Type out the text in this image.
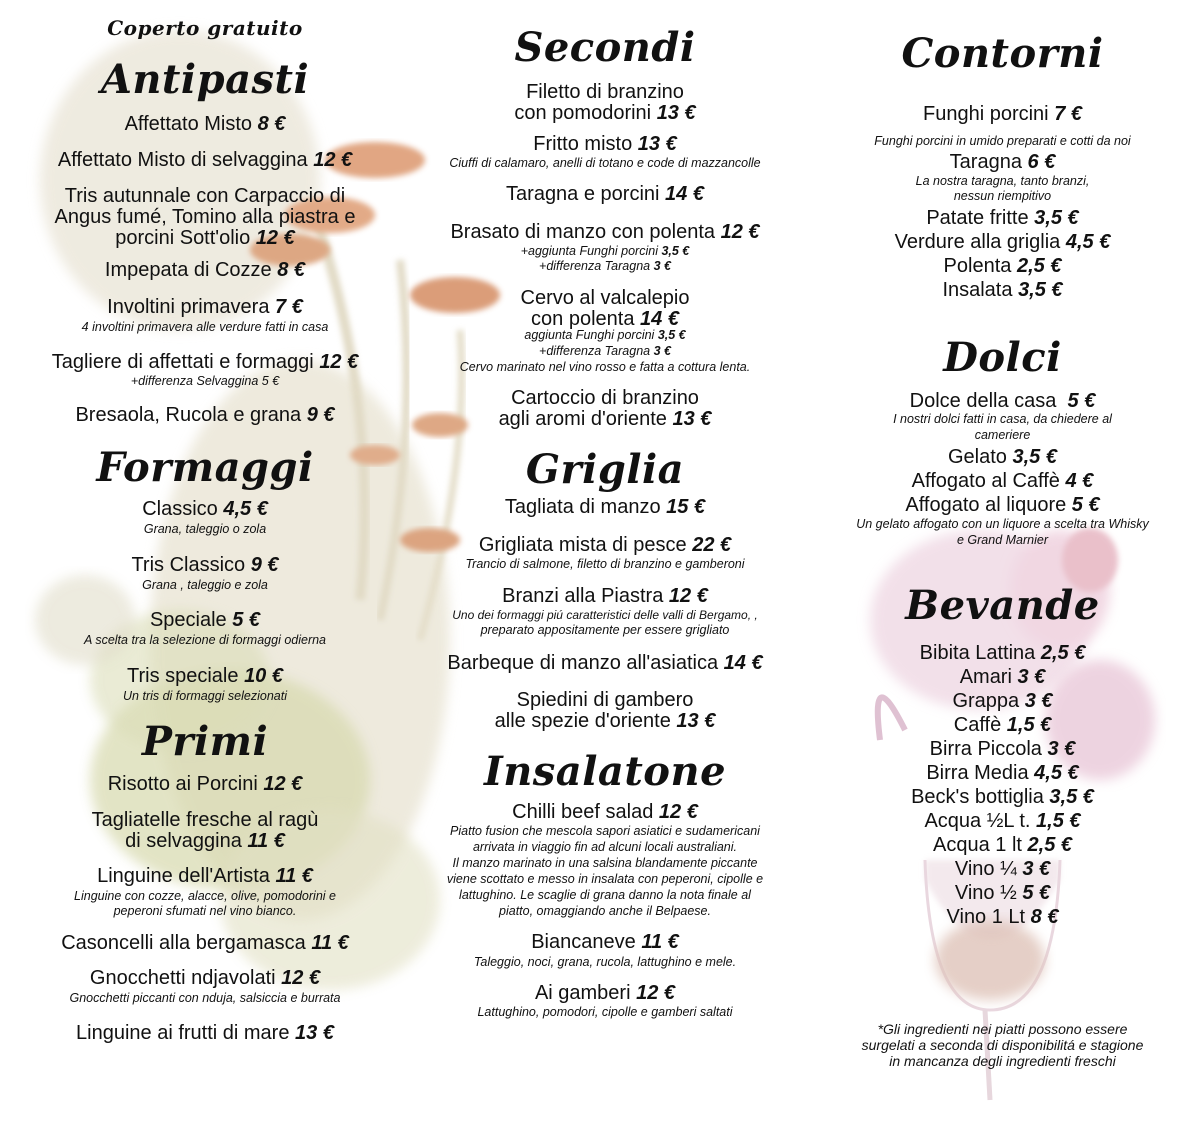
Coperto gratuito
Antipasti
Affettato Misto 8 €
Affettato Misto di selvaggina 12 €
Tris autunnale con Carpaccio di
Angus fumé, Tomino alla piastra e
porcini Sott'olio 12 €
Impepata di Cozze 8 €
Involtini primavera 7 €
4 involtini primavera alle verdure fatti in casa
Tagliere di affettati e formaggi 12 €
+differenza Selvaggina 5 €
Bresaola, Rucola e grana 9 €
Formaggi
Classico 4,5 €
Grana, taleggio o zola
Tris Classico 9 €
Grana , taleggio e zola
Speciale 5 €
A scelta tra la selezione di formaggi odierna
Tris speciale 10 €
Un tris di formaggi selezionati
Primi
Risotto ai Porcini 12 €
Tagliatelle fresche al ragù
di selvaggina 11 €
Linguine dell'Artista 11 €
Linguine con cozze, alacce, olive, pomodorini e
peperoni sfumati nel vino bianco.
Casoncelli alla bergamasca 11 €
Gnocchetti ndjavolati 12 €
Gnocchetti piccanti con nduja, salsiccia e burrata
Linguine ai frutti di mare 13 €
Secondi
Filetto di branzino
con pomodorini 13 €
Fritto misto 13 €
Ciuffi di calamaro, anelli di totano e code di mazzancolle
Taragna e porcini 14 €
Brasato di manzo con polenta 12 €
+aggiunta Funghi porcini 3,5 €
+differenza Taragna 3 €
Cervo al valcalepio
con polenta 14 €
aggiunta Funghi porcini 3,5 €
+differenza Taragna 3 €
Cervo marinato nel vino rosso e fatta a cottura lenta.
Cartoccio di branzino
agli aromi d'oriente 13 €
Griglia
Tagliata di manzo 15 €
Grigliata mista di pesce 22 €
Trancio di salmone, filetto di branzino e gamberoni
Branzi alla Piastra 12 €
Uno dei formaggi piú caratteristici delle valli di Bergamo, ,
preparato appositamente per essere grigliato
Barbeque di manzo all'asiatica 14 €
Spiedini di gambero
alle spezie d'oriente 13 €
Insalatone
Chilli beef salad 12 €
Piatto fusion che mescola sapori asiatici e sudamericani
arrivata in viaggio fin ad alcuni locali australiani.
Il manzo marinato in una salsina blandamente piccante
viene scottato e messo in insalata con peperoni, cipolle e
lattughino. Le scaglie di grana danno la nota finale al
piatto, omaggiando anche il Belpaese.
Biancaneve 11 €
Taleggio, noci, grana, rucola, lattughino e mele.
Ai gamberi 12 €
Lattughino, pomodori, cipolle e gamberi saltati
Contorni
Funghi porcini 7 €
Funghi porcini in umido preparati e cotti da noi
Taragna 6 €
La nostra taragna, tanto branzi,
nessun riempitivo
Patate fritte 3,5 €
Verdure alla griglia 4,5 €
Polenta 2,5 €
Insalata 3,5 €
Dolci
Dolce della casa 5 €
I nostri dolci fatti in casa, da chiedere al
cameriere
Gelato 3,5 €
Affogato al Caffè 4 €
Affogato al liquore 5 €
Un gelato affogato con un liquore a scelta tra Whisky
e Grand Marnier
Bevande
Bibita Lattina 2,5 €
Amari 3 €
Grappa 3 €
Caffè 1,5 €
Birra Piccola 3 €
Birra Media 4,5 €
Beck's bottiglia 3,5 €
Acqua ½L t. 1,5 €
Acqua 1 lt 2,5 €
Vino ¼ 3 €
Vino ½ 5 €
Vino 1 Lt 8 €
*Gli ingredienti nei piatti possono essere
surgelati a seconda di disponibilitá e stagione
in mancanza degli ingredienti freschi
